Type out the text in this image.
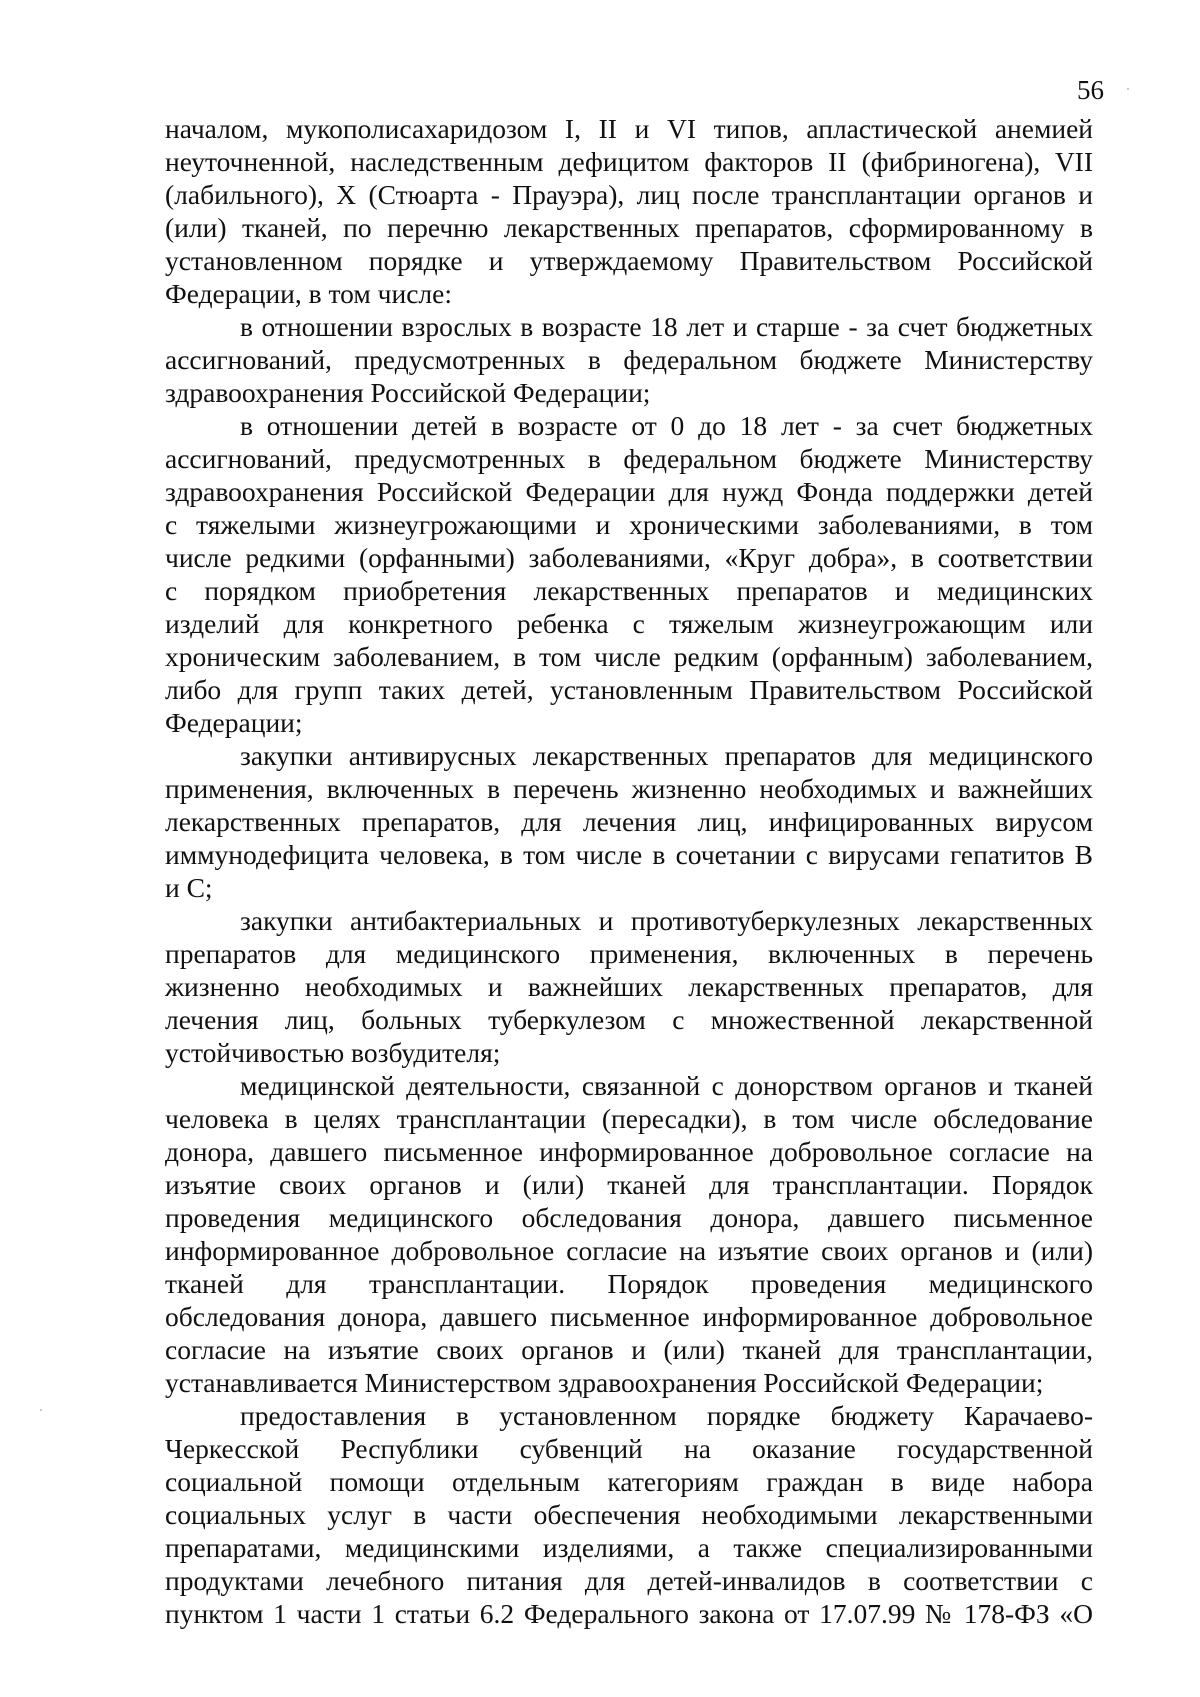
56
началом, мукополисахаридозом I, II и VI типов, апластической анемией
неуточненной, наследственным дефицитом факторов II (фибриногена), VII
(лабильного), X (Стюарта - Прауэра), лиц после трансплантации органов и
(или) тканей, по перечню лекарственных препаратов, сформированному в
установленном порядке и утверждаемому Правительством Российской
Федерации, в том числе:
в отношении взрослых в возрасте 18 лет и старше - за счет бюджетных
ассигнований, предусмотренных в федеральном бюджете Министерству
здравоохранения Российской Федерации;
в отношении детей в возрасте от 0 до 18 лет - за счет бюджетных
ассигнований, предусмотренных в федеральном бюджете Министерству
здравоохранения Российской Федерации для нужд Фонда поддержки детей
с тяжелыми жизнеугрожающими и хроническими заболеваниями, в том
числе редкими (орфанными) заболеваниями, «Круг добра», в соответствии
с порядком приобретения лекарственных препаратов и медицинских
изделий для конкретного ребенка с тяжелым жизнеугрожающим или
хроническим заболеванием, в том числе редким (орфанным) заболеванием,
либо для групп таких детей, установленным Правительством Российской
Федерации;
закупки антивирусных лекарственных препаратов для медицинского
применения, включенных в перечень жизненно необходимых и важнейших
лекарственных препаратов, для лечения лиц, инфицированных вирусом
иммунодефицита человека, в том числе в сочетании с вирусами гепатитов B
и C;
закупки антибактериальных и противотуберкулезных лекарственных
препаратов для медицинского применения, включенных в перечень
жизненно необходимых и важнейших лекарственных препаратов, для
лечения лиц, больных туберкулезом с множественной лекарственной
устойчивостью возбудителя;
медицинской деятельности, связанной с донорством органов и тканей
человека в целях трансплантации (пересадки), в том числе обследование
донора, давшего письменное информированное добровольное согласие на
изъятие своих органов и (или) тканей для трансплантации. Порядок
проведения медицинского обследования донора, давшего письменное
информированное добровольное согласие на изъятие своих органов и (или)
тканей для трансплантации. Порядок проведения медицинского
обследования донора, давшего письменное информированное добровольное
согласие на изъятие своих органов и (или) тканей для трансплантации,
устанавливается Министерством здравоохранения Российской Федерации;
предоставления в установленном порядке бюджету Карачаево-
Черкесской Республики субвенций на оказание государственной
социальной помощи отдельным категориям граждан в виде набора
социальных услуг в части обеспечения необходимыми лекарственными
препаратами, медицинскими изделиями, а также специализированными
продуктами лечебного питания для детей-инвалидов в соответствии с
пунктом 1 части 1 статьи 6.2 Федерального закона от 17.07.99 № 178-ФЗ «О
